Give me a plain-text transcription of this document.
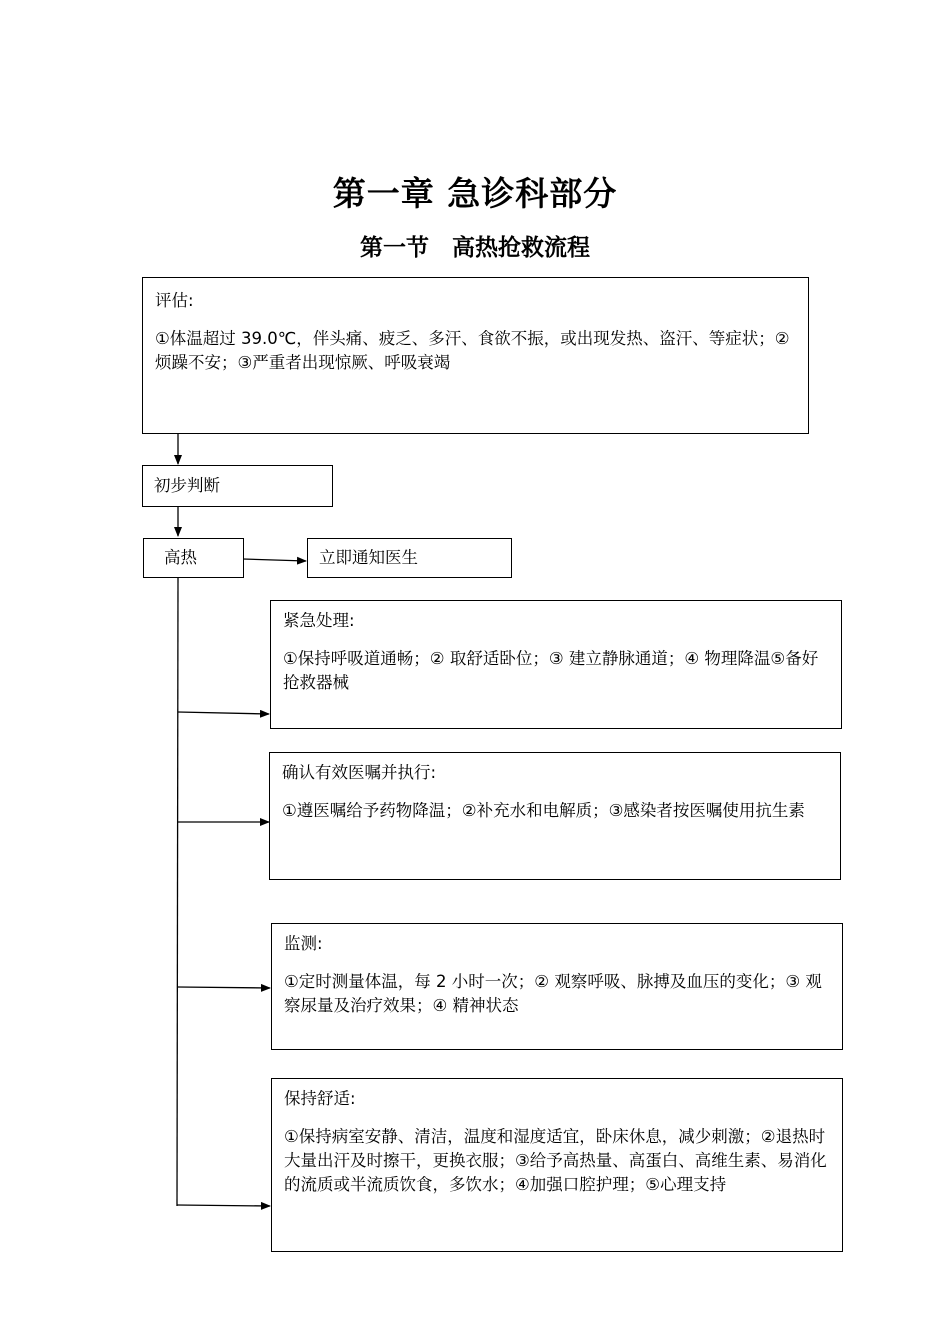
第一章 急诊科部分
第一节　高热抢救流程
评估:
①体温超过 39.0℃，伴头痛、疲乏、多汗、食欲不振，或出现发热、盗汗、等症状；②烦躁不安；③严重者出现惊厥、呼吸衰竭
初步判断
高热	立即通知医生
紧急处理:
①保持呼吸道通畅；② 取舒适卧位；③ 建立静脉通道；④ 物理降温⑤备好抢救器械
确认有效医嘱并执行:
①遵医嘱给予药物降温；②补充水和电解质；③感染者按医嘱使用抗生素
监测:
①定时测量体温，每 2 小时一次；② 观察呼吸、脉搏及血压的变化；③ 观察尿量及治疗效果；④ 精神状态
保持舒适:
①保持病室安静、清洁，温度和湿度适宜，卧床休息，减少刺激；②退热时大量出汗及时擦干，更换衣服；③给予高热量、高蛋白、高维生素、易消化的流质或半流质饮食，多饮水；④加强口腔护理；⑤心理支持
